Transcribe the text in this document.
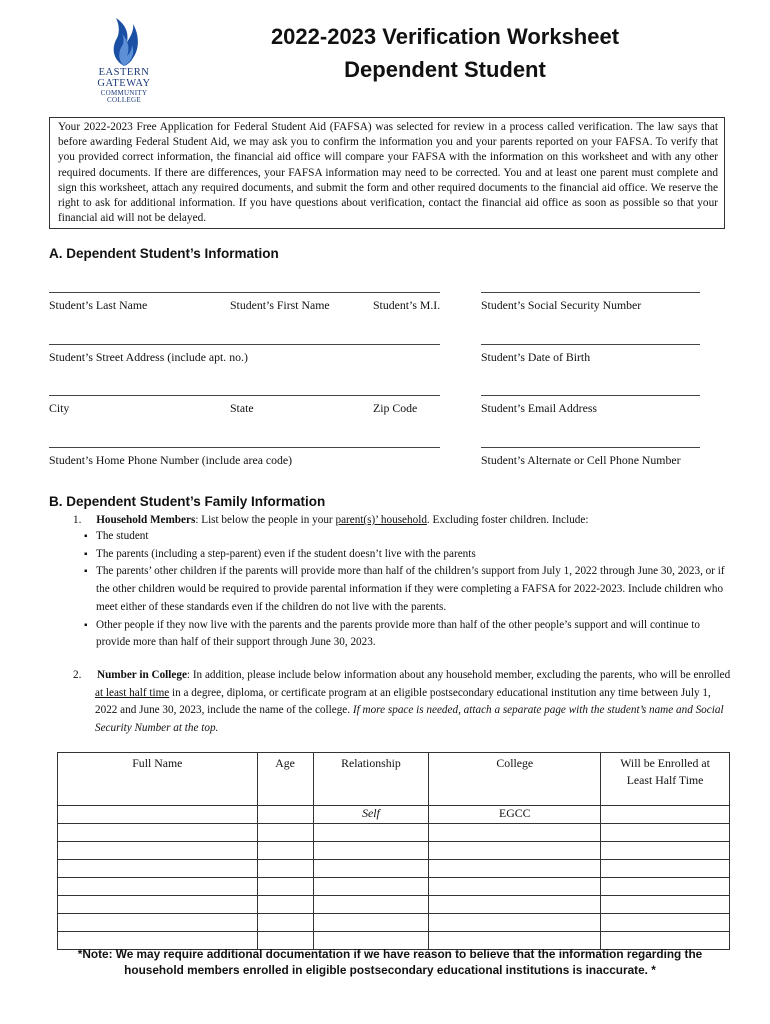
EASTERN
GATEWAY
COMMUNITY COLLEGE
2022-2023 Verification Worksheet
Dependent Student
Your 2022-2023 Free Application for Federal Student Aid (FAFSA) was selected for review in a process called verification. The law says that before awarding Federal Student Aid, we may ask you to confirm the information you and your parents reported on your FAFSA. To verify that you provided correct information, the financial aid office will compare your FAFSA with the information on this worksheet and with any other required documents. If there are differences, your FAFSA information may need to be corrected. You and at least one parent must complete and sign this worksheet, attach any required documents, and submit the form and other required documents to the financial aid office. We reserve the right to ask for additional information. If you have questions about verification, contact the financial aid office as soon as possible so that your financial aid will not be delayed.
A. Dependent Student’s Information
Student’s Last Name	Student’s First Name	Student’s M.I.	Student’s Social Security Number
Student’s Street Address (include apt. no.)	Student’s Date of Birth
City	State	Zip Code	Student’s Email Address
Student’s Home Phone Number (include area code)	Student’s Alternate or Cell Phone Number
B. Dependent Student’s Family Information
1. Household Members: List below the people in your parent(s)’ household. Excluding foster children. Include:
▪ The student
▪ The parents (including a step-parent) even if the student doesn’t live with the parents
▪ The parents’ other children if the parents will provide more than half of the children’s support from July 1, 2022 through June 30, 2023, or if the other children would be required to provide parental information if they were completing a FAFSA for 2022-2023. Include children who meet either of these standards even if the children do not live with the parents.
▪ Other people if they now live with the parents and the parents provide more than half of the other people’s support and will continue to provide more than half of their support through June 30, 2023.
2.	Number in College: In addition, please include below information about any household member, excluding the parents, who will be enrolled at least half time in a degree, diploma, or certificate program at an eligible postsecondary educational institution any time between July 1, 2022 and June 30, 2023, include the name of the college. If more space is needed, attach a separate page with the student’s name and Social Security Number at the top.
Full Name	Age	Relationship	College	Will be Enrolled at Least Half Time
		Self	EGCC	

*Note: We may require additional documentation if we have reason to believe that the information regarding the household members enrolled in eligible postsecondary educational institutions is inaccurate. *
